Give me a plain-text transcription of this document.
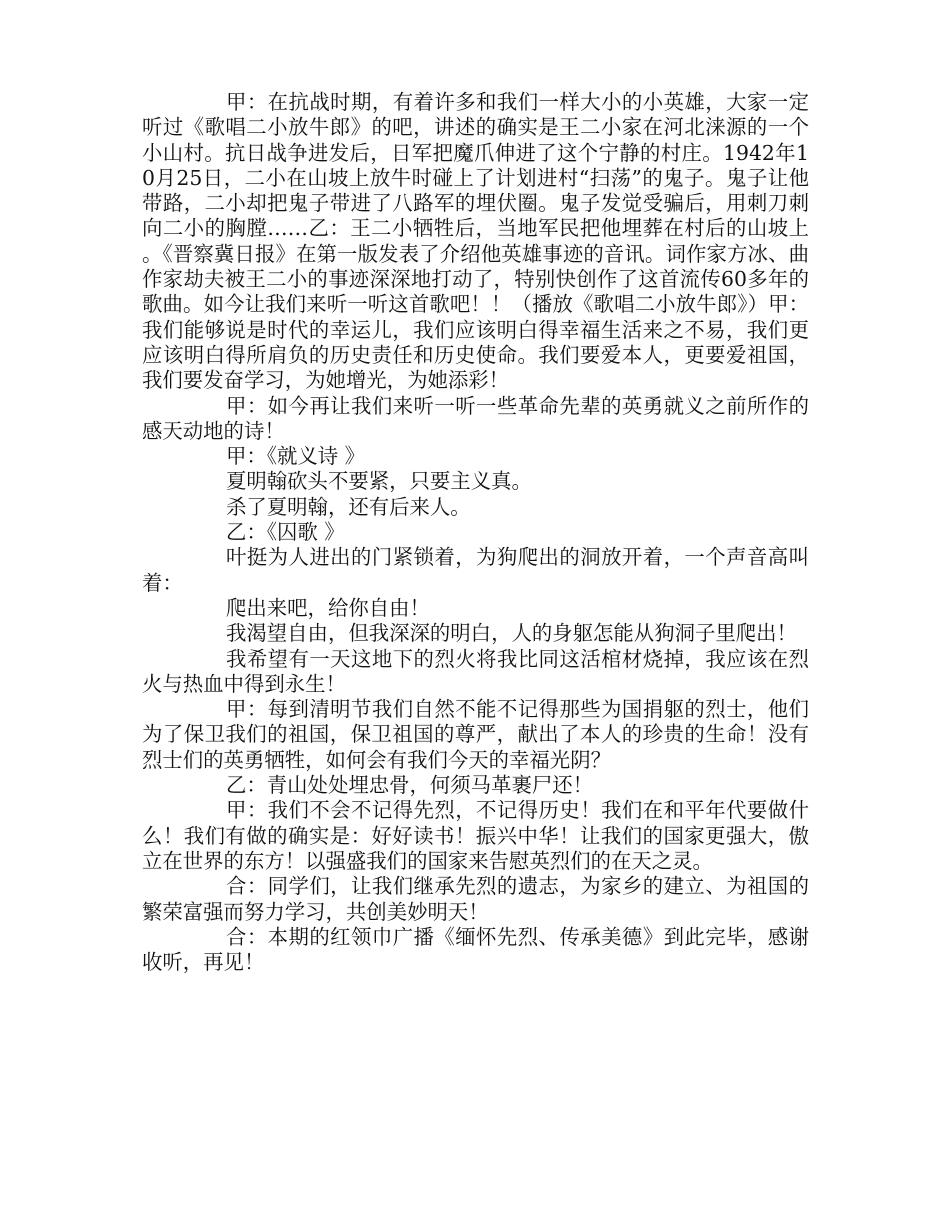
甲：在抗战时期，有着许多和我们一样大小的小英雄，大家一定听过《歌唱二小放牛郎》的吧，讲述的确实是王二小家在河北涞源的一个小山村。抗日战争进发后，日军把魔爪伸进了这个宁静的村庄。1942年10月25日，二小在山坡上放牛时碰上了计划进村“扫荡”的鬼子。鬼子让他带路，二小却把鬼子带进了八路军的埋伏圈。鬼子发觉受骗后，用刺刀刺向二小的胸膛……乙：王二小牺牲后，当地军民把他埋葬在村后的山坡上。《晋察冀日报》在第一版发表了介绍他英雄事迹的音讯。词作家方冰、曲作家劫夫被王二小的事迹深深地打动了，特别快创作了这首流传60多年的歌曲。如今让我们来听一听这首歌吧！！（播放《歌唱二小放牛郎》）甲：我们能够说是时代的幸运儿，我们应该明白得幸福生活来之不易，我们更应该明白得所肩负的历史责任和历史使命。我们要爱本人，更要爱祖国，我们要发奋学习，为她增光，为她添彩！

甲：如今再让我们来听一听一些革命先辈的英勇就义之前所作的感天动地的诗！

甲：《就义诗 》

夏明翰砍头不要紧，只要主义真。

杀了夏明翰，还有后来人。

乙：《囚歌 》

叶挺为人进出的门紧锁着，为狗爬出的洞放开着，一个声音高叫着：

爬出来吧，给你自由！

我渴望自由，但我深深的明白，人的身躯怎能从狗洞子里爬出！

我希望有一天这地下的烈火将我比同这活棺材烧掉，我应该在烈火与热血中得到永生！

甲：每到清明节我们自然不能不记得那些为国捐躯的烈士，他们为了保卫我们的祖国，保卫祖国的尊严，献出了本人的珍贵的生命！没有烈士们的英勇牺牲，如何会有我们今天的幸福光阴？

乙：青山处处埋忠骨，何须马革裹尸还！

甲：我们不会不记得先烈，不记得历史！我们在和平年代要做什么！我们有做的确实是：好好读书！振兴中华！让我们的国家更强大，傲立在世界的东方！以强盛我们的国家来告慰英烈们的在天之灵。

合：同学们，让我们继承先烈的遗志，为家乡的建立、为祖国的繁荣富强而努力学习，共创美妙明天！

合：本期的红领巾广播《缅怀先烈、传承美德》到此完毕，感谢收听，再见！
